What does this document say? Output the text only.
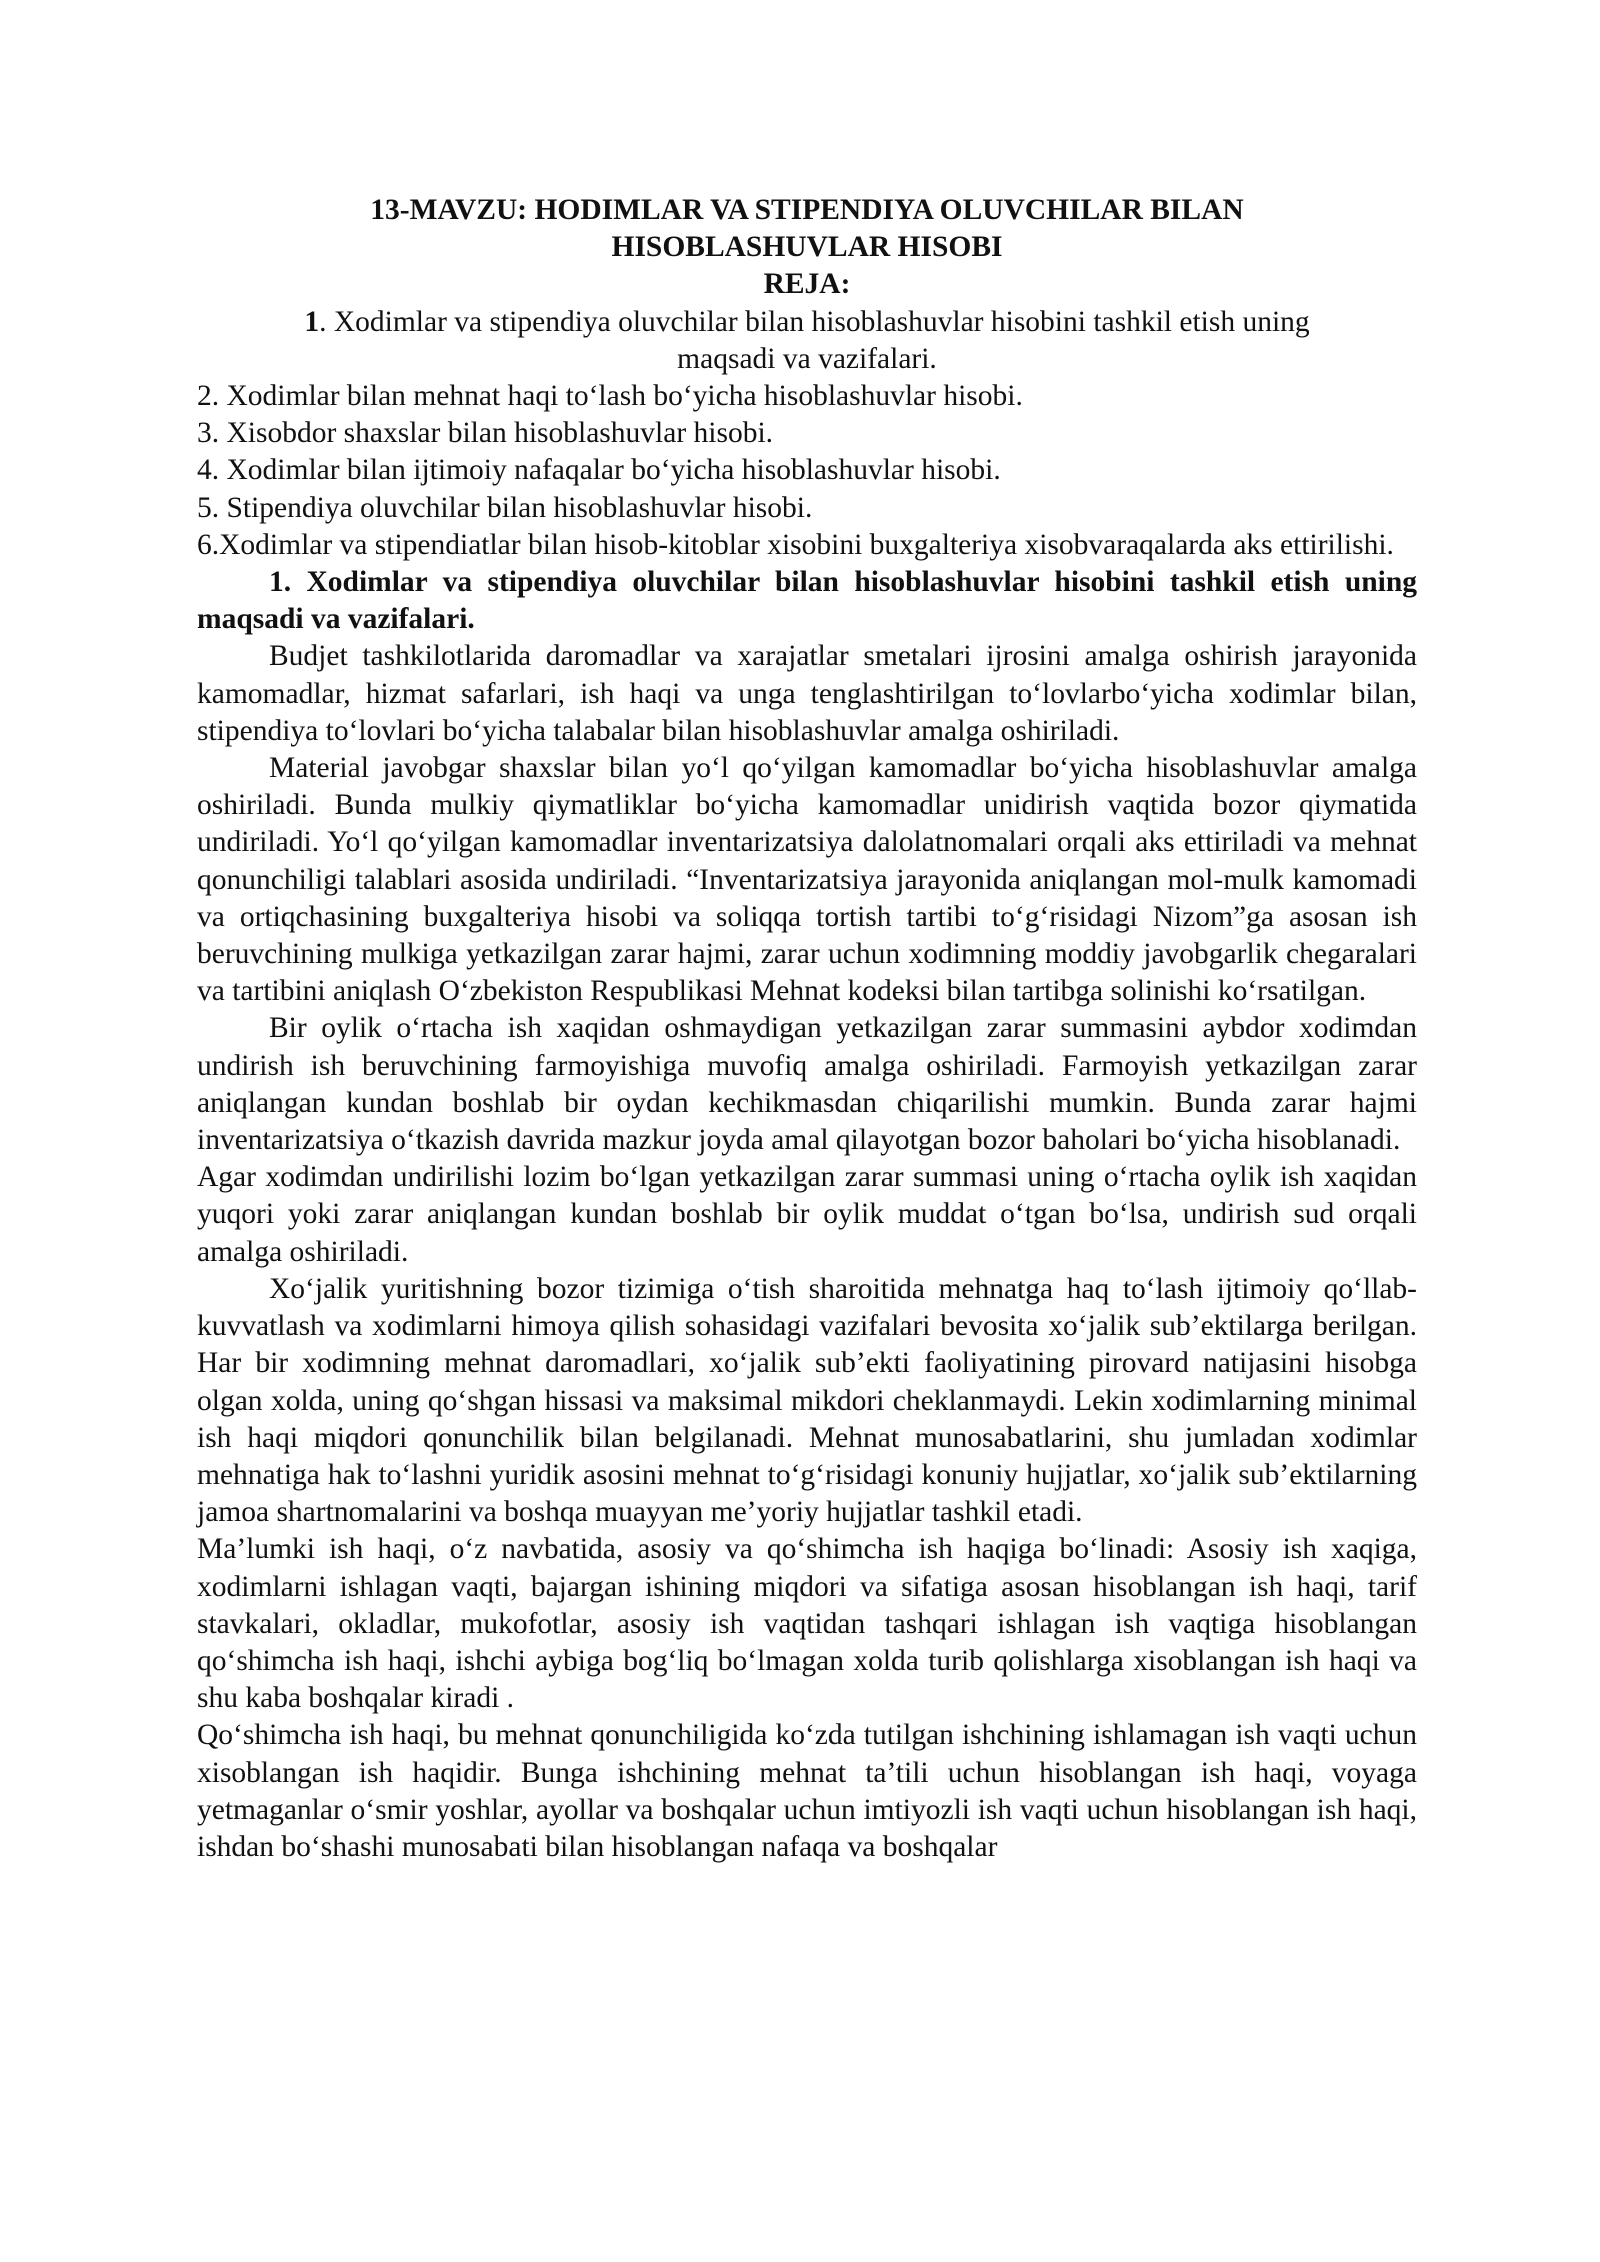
13-MAVZU: HODIMLAR VA STIPENDIYA OLUVCHILAR BILAN

HISOBLASHUVLAR HISOBI

REJA:

1. Xodimlar va stipendiya oluvchilar bilan hisoblashuvlar hisobini tashkil etish uning

maqsadi va vazifalari.

2. Xodimlar bilan mehnat haqi to‘lash bo‘yicha hisoblashuvlar hisobi.

3. Xisobdor shaxslar bilan hisoblashuvlar hisobi.

4. Xodimlar bilan ijtimoiy nafaqalar bo‘yicha hisoblashuvlar hisobi.

5. Stipendiya oluvchilar bilan hisoblashuvlar hisobi.

6.Xodimlar va stipendiatlar bilan hisob-kitoblar xisobini buxgalteriya xisobvaraqalarda aks ettirilishi.

1. Xodimlar va stipendiya oluvchilar bilan hisoblashuvlar hisobini tashkil etish uning maqsadi va vazifalari.

Budjet tashkilotlarida daromadlar va xarajatlar smetalari ijrosini amalga oshirish jarayonida kamomadlar, hizmat safarlari, ish haqi va unga tenglashtirilgan to‘lovlarbo‘yicha xodimlar bilan, stipendiya to‘lovlari bo‘yicha talabalar bilan hisoblashuvlar amalga oshiriladi.

Material javobgar shaxslar bilan yo‘l qo‘yilgan kamomadlar bo‘yicha hisoblashuvlar amalga oshiriladi. Bunda mulkiy qiymatliklar bo‘yicha kamomadlar unidirish vaqtida bozor qiymatida undiriladi. Yo‘l qo‘yilgan kamomadlar inventarizatsiya dalolatnomalari orqali aks ettiriladi va mehnat qonunchiligi talablari asosida undiriladi. “Inventarizatsiya jarayonida aniqlangan mol-mulk kamomadi va ortiqchasining buxgalteriya hisobi va soliqqa tortish tartibi to‘g‘risidagi Nizom”ga asosan ish beruvchining mulkiga yetkazilgan zarar hajmi, zarar uchun xodimning moddiy javobgarlik chegaralari va tartibini aniqlash O‘zbekiston Respublikasi Mehnat kodeksi bilan tartibga solinishi ko‘rsatilgan.

Bir oylik o‘rtacha ish xaqidan oshmaydigan yetkazilgan zarar summasini aybdor xodimdan undirish ish beruvchining farmoyishiga muvofiq amalga oshiriladi. Farmoyish yetkazilgan zarar aniqlangan kundan boshlab bir oydan kechikmasdan chiqarilishi mumkin. Bunda zarar hajmi inventarizatsiya o‘tkazish davrida mazkur joyda amal qilayotgan bozor baholari bo‘yicha hisoblanadi.

Agar xodimdan undirilishi lozim bo‘lgan yetkazilgan zarar summasi uning o‘rtacha oylik ish xaqidan yuqori yoki zarar aniqlangan kundan boshlab bir oylik muddat o‘tgan bo‘lsa, undirish sud orqali amalga oshiriladi.

Xo‘jalik yuritishning bozor tizimiga o‘tish sharoitida mehnatga haq to‘lash ijtimoiy qo‘llab-kuvvatlash va xodimlarni himoya qilish sohasidagi vazifalari bevosita xo‘jalik sub’ektilarga berilgan. Har bir xodimning mehnat daromadlari, xo‘jalik sub’ekti faoliyatining pirovard natijasini hisobga olgan xolda, uning qo‘shgan hissasi va maksimal mikdori cheklanmaydi. Lekin xodimlarning minimal ish haqi miqdori qonunchilik bilan belgilanadi. Mehnat munosabatlarini, shu jumladan xodimlar mehnatiga hak to‘lashni yuridik asosini mehnat to‘g‘risidagi konuniy hujjatlar, xo‘jalik sub’ektilarning jamoa shartnomalarini va boshqa muayyan me’yoriy hujjatlar tashkil etadi.

Ma’lumki ish haqi, o‘z navbatida, asosiy va qo‘shimcha ish haqiga bo‘linadi: Asosiy ish xaqiga, xodimlarni ishlagan vaqti, bajargan ishining miqdori va sifatiga asosan hisoblangan ish haqi, tarif stavkalari, okladlar, mukofotlar, asosiy ish vaqtidan tashqari ishlagan ish vaqtiga hisoblangan qo‘shimcha ish haqi, ishchi aybiga bog‘liq bo‘lmagan xolda turib qolishlarga xisoblangan ish haqi va shu kaba boshqalar kiradi .

Qo‘shimcha ish haqi, bu mehnat qonunchiligida ko‘zda tutilgan ishchining ishlamagan ish vaqti uchun xisoblangan ish haqidir. Bunga ishchining mehnat ta’tili uchun hisoblangan ish haqi, voyaga yetmaganlar o‘smir yoshlar, ayollar va boshqalar uchun imtiyozli ish vaqti uchun hisoblangan ish haqi, ishdan bo‘shashi munosabati bilan hisoblangan nafaqa va boshqalar
